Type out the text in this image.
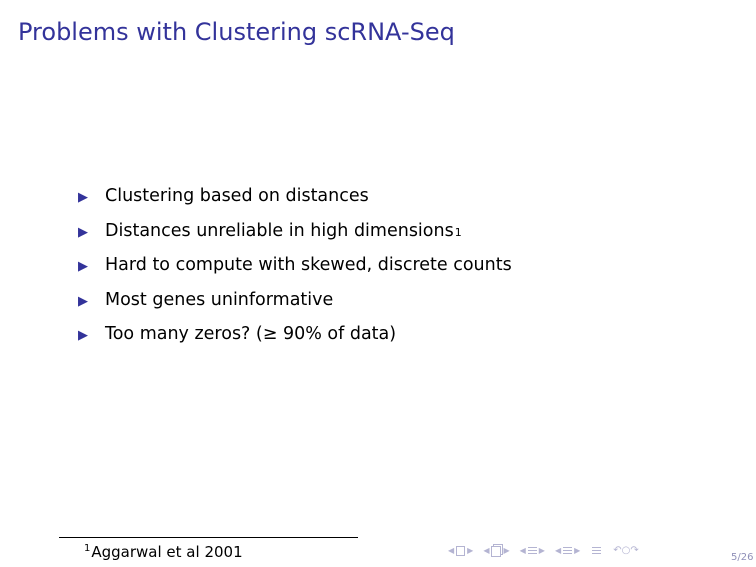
Problems with Clustering scRNA-Seq
▶ Clustering based on distances
▶ Distances unreliable in high dimensions 1
▶ Hard to compute with skewed, discrete counts
▶ Most genes uninformative
▶ Too many zeros? (≥ 90% of data)
$^1$Aggarwal et al 2001	◀ ▶ ◀ ▶ ◀ ▶ ◀ ▶	↶○↷
5/26
